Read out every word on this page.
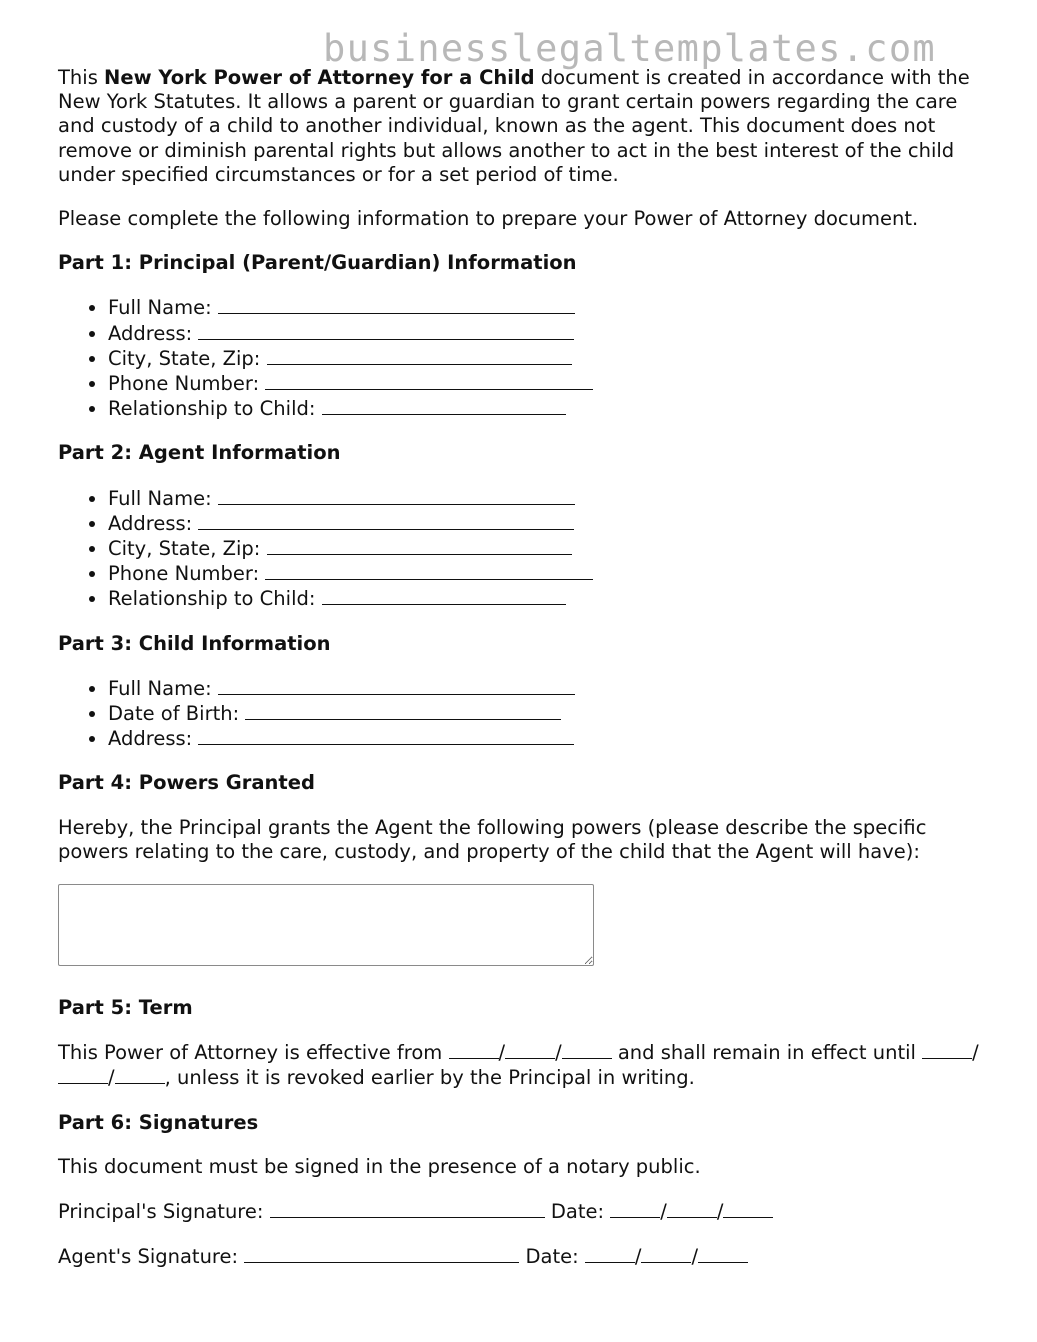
businesslegaltemplates.com

This New York Power of Attorney for a Child document is created in accordance with the New York Statutes. It allows a parent or guardian to grant certain powers regarding the care and custody of a child to another individual, known as the agent. This document does not remove or diminish parental rights but allows another to act in the best interest of the child under specified circumstances or for a set period of time.

Please complete the following information to prepare your Power of Attorney document.

Part 1: Principal (Parent/Guardian) Information
• Full Name:
• Address:
• City, State, Zip:
• Phone Number:
• Relationship to Child:
Part 2: Agent Information
• Full Name:
• Address:
• City, State, Zip:
• Phone Number:
• Relationship to Child:
Part 3: Child Information
• Full Name:
• Date of Birth:
• Address:
Part 4: Powers Granted

Hereby, the Principal grants the Agent the following powers (please describe the specific powers relating to the care, custody, and property of the child that the Agent will have):

Part 5: Term

This Power of Attorney is effective from	/	/	and shall remain in effect until	//	, unless it is revoked earlier by the Principal in writing.

Part 6: Signatures

This document must be signed in the presence of a notary public.

Principal's Signature:	Date:	/	/
Agent's Signature:	Date:	/	/
